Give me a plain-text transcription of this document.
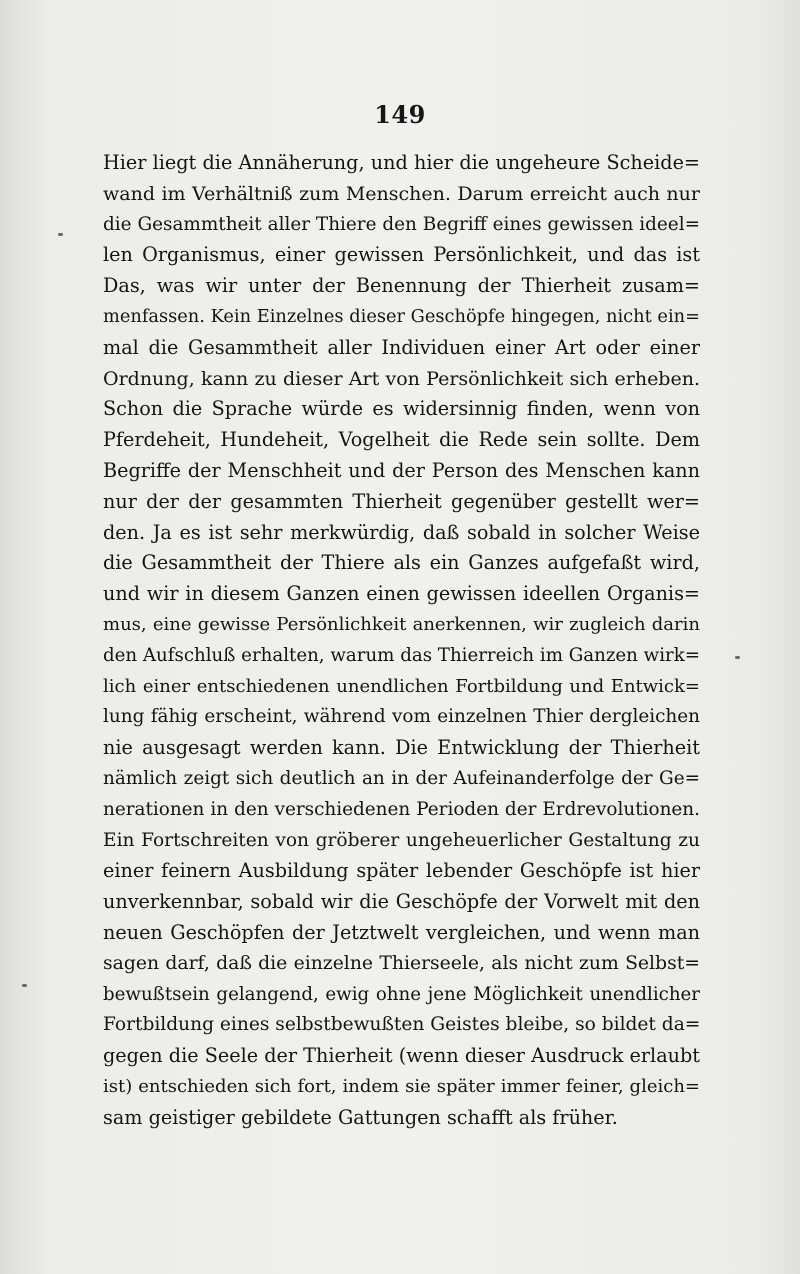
149
Hier liegt die Annäherung, und hier die ungeheure Scheide=
wand im Verhältniß zum Menschen. Darum erreicht auch nur
die Gesammtheit aller Thiere den Begriff eines gewissen ideel=
len Organismus, einer gewissen Persönlichkeit, und das ist
Das, was wir unter der Benennung der Thierheit zusam=
menfassen. Kein Einzelnes dieser Geschöpfe hingegen, nicht ein=
mal die Gesammtheit aller Individuen einer Art oder einer
Ordnung, kann zu dieser Art von Persönlichkeit sich erheben.
Schon die Sprache würde es widersinnig finden, wenn von
Pferdeheit, Hundeheit, Vogelheit die Rede sein sollte. Dem
Begriffe der Menschheit und der Person des Menschen kann
nur der der gesammten Thierheit gegenüber gestellt wer=
den. Ja es ist sehr merkwürdig, daß sobald in solcher Weise
die Gesammtheit der Thiere als ein Ganzes aufgefaßt wird,
und wir in diesem Ganzen einen gewissen ideellen Organis=
mus, eine gewisse Persönlichkeit anerkennen, wir zugleich darin
den Aufschluß erhalten, warum das Thierreich im Ganzen wirk=
lich einer entschiedenen unendlichen Fortbildung und Entwick=
lung fähig erscheint, während vom einzelnen Thier dergleichen
nie ausgesagt werden kann. Die Entwicklung der Thierheit
nämlich zeigt sich deutlich an in der Aufeinanderfolge der Ge=
nerationen in den verschiedenen Perioden der Erdrevolutionen.
Ein Fortschreiten von gröberer ungeheuerlicher Gestaltung zu
einer feinern Ausbildung später lebender Geschöpfe ist hier
unverkennbar, sobald wir die Geschöpfe der Vorwelt mit den
neuen Geschöpfen der Jetztwelt vergleichen, und wenn man
sagen darf, daß die einzelne Thierseele, als nicht zum Selbst=
bewußtsein gelangend, ewig ohne jene Möglichkeit unendlicher
Fortbildung eines selbstbewußten Geistes bleibe, so bildet da=
gegen die Seele der Thierheit (wenn dieser Ausdruck erlaubt
ist) entschieden sich fort, indem sie später immer feiner, gleich=
sam geistiger gebildete Gattungen schafft als früher.
